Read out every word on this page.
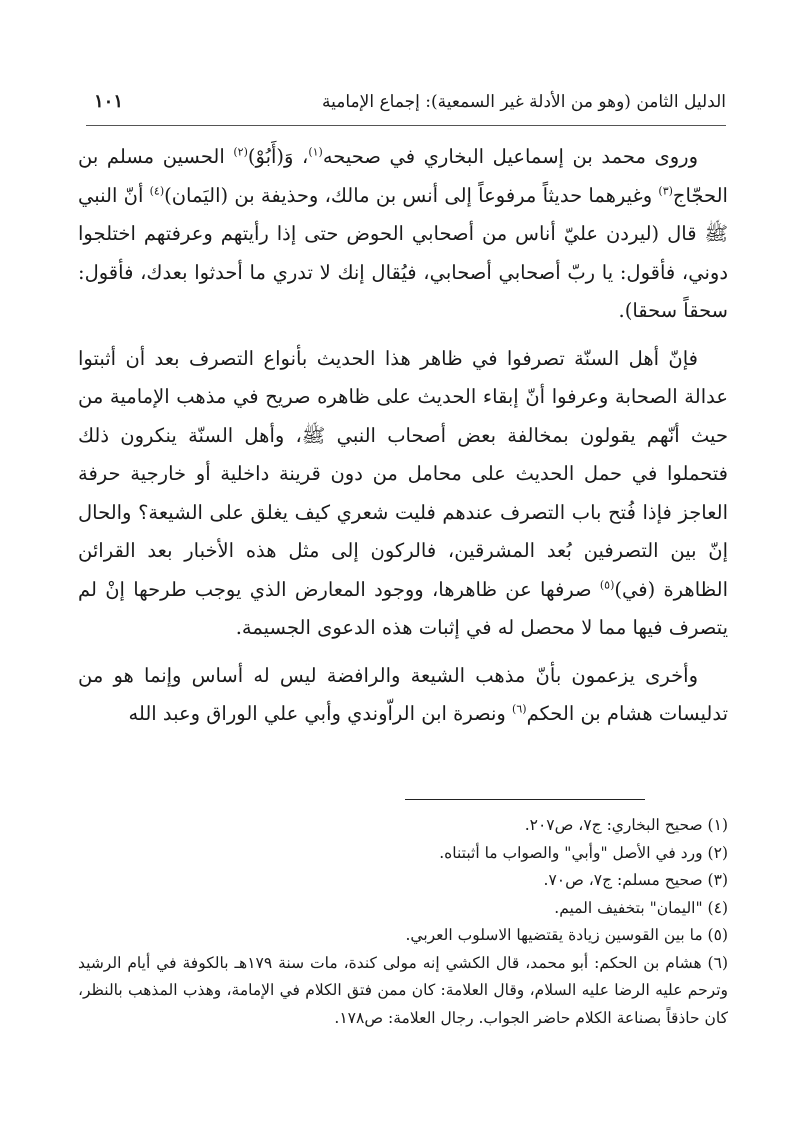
الدليل الثامن (وهو من الأدلة غير السمعية): إجماع الإمامية
١٠١

وروى محمد بن إسماعيل البخاري في صحيحه$^{(١)}$، وَ(أَبُوْ)$^{(٢)}$ الحسين مسلم بن الحجّاج$^{(٣)}$ وغيرهما حديثاً مرفوعاً إلى أنس بن مالك، وحذيفة بن (اليَمان)$^{(٤)}$ أنّ النبي ﷺ قال (ليردن عليّ أناس من أصحابي الحوض حتى إذا رأيتهم وعرفتهم اختلجوا دوني، فأقول: يا ربّ أصحابي أصحابي، فيُقال إنك لا تدري ما أحدثوا بعدك، فأقول: سحقاً سحقا).

فإنّ أهل السنّة تصرفوا في ظاهر هذا الحديث بأنواع التصرف بعد أن أثبتوا عدالة الصحابة وعرفوا أنّ إبقاء الحديث على ظاهره صريح في مذهب الإمامية من حيث أنّهم يقولون بمخالفة بعض أصحاب النبي ﷺ، وأهل السنّة ينكرون ذلك فتحملوا في حمل الحديث على محامل من دون قرينة داخلية أو خارجية حرفة العاجز فإذا فُتح باب التصرف عندهم فليت شعري كيف يغلق على الشيعة؟ والحال إنّ بين التصرفين بُعد المشرقين، فالركون إلى مثل هذه الأخبار بعد القرائن الظاهرة (في)$^{(٥)}$ صرفها عن ظاهرها، ووجود المعارض الذي يوجب طرحها إنْ لم يتصرف فيها مما لا محصل له في إثبات هذه الدعوى الجسيمة.

وأخرى يزعمون بأنّ مذهب الشيعة والرافضة ليس له أساس وإنما هو من تدليسات هشام بن الحكم$^{(٦)}$ ونصرة ابن الراّوندي وأبي علي الوراق وعبد الله

(١) صحيح البخاري: ج٧، ص٢٠٧.
(٢) ورد في الأصل "وأبي" والصواب ما أثبتناه.
(٣) صحيح مسلم: ج٧، ص٧٠.
(٤) "اليمان" بتخفيف الميم.
(٥) ما بين القوسين زيادة يقتضيها الاسلوب العربي.
(٦) هشام بن الحكم: أبو محمد، قال الكشي إنه مولى كندة، مات سنة ١٧٩هـ بالكوفة في أيام الرشيد وترحم عليه الرضا عليه السلام، وقال العلامة: كان ممن فتق الكلام في الإمامة، وهذب المذهب بالنظر، كان حاذقاً بصناعة الكلام حاضر الجواب. رجال العلامة: ص١٧٨.
